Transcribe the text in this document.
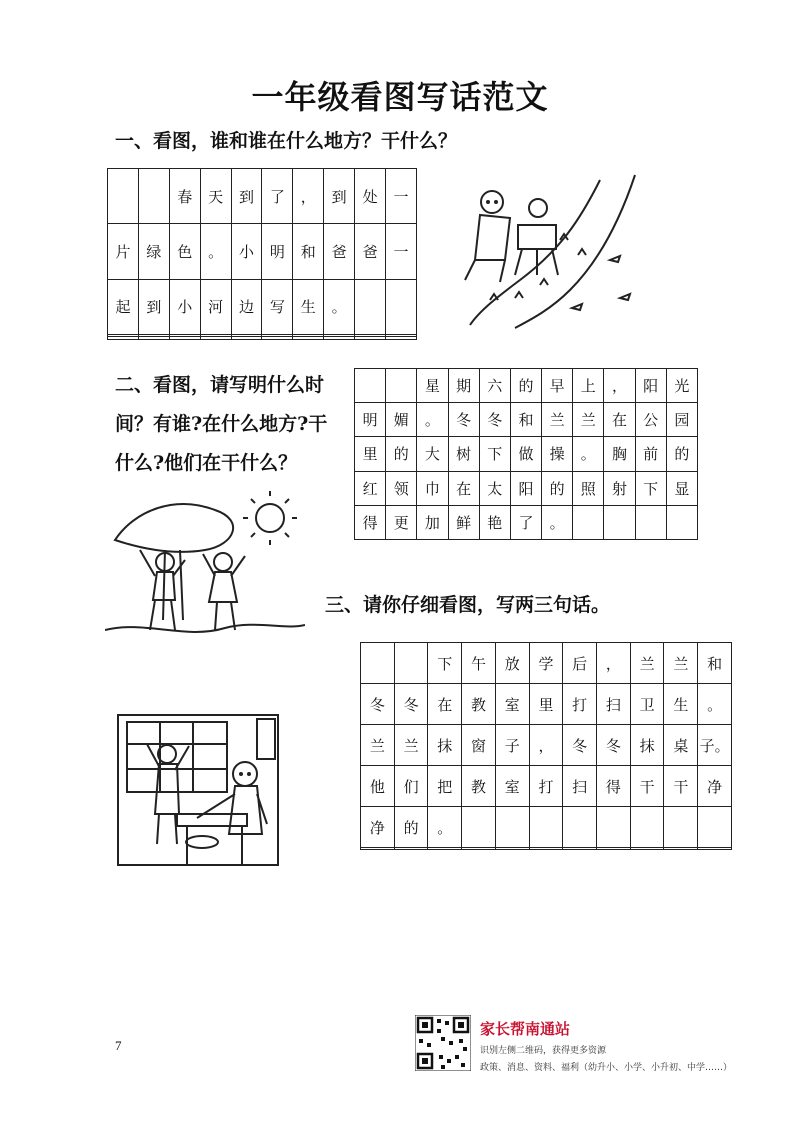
一年级看图写话范文
一、看图，谁和谁在什么地方？干什么？
		春	天	到	了	，	到	处	一
片	绿	色	。	小	明	和	爸	爸	一
起	到	小	河	边	写	生	。		

二、看图，请写明什么时
间？有谁?在什么地方?干
什么?他们在干什么？
		星	期	六	的	早	上	，	阳	光
明	媚	。	冬	冬	和	兰	兰	在	公	园
里	的	大	树	下	做	操	。	胸	前	的
红	领	巾	在	太	阳	的	照	射	下	显
得	更	加	鲜	艳	了	。				
三、请你仔细看图，写两三句话。
		下	午	放	学	后	，	兰	兰	和
冬	冬	在	教	室	里	打	扫	卫	生	。
兰	兰	抹	窗	子	，	冬	冬	抹	桌	子。
他	们	把	教	室	打	扫	得	干	干	净
净	的	。								

7
家长帮南通站
识别左侧二维码，获得更多资源
政策、消息、资料、福利（幼升小、小学、小升初、中学……）
